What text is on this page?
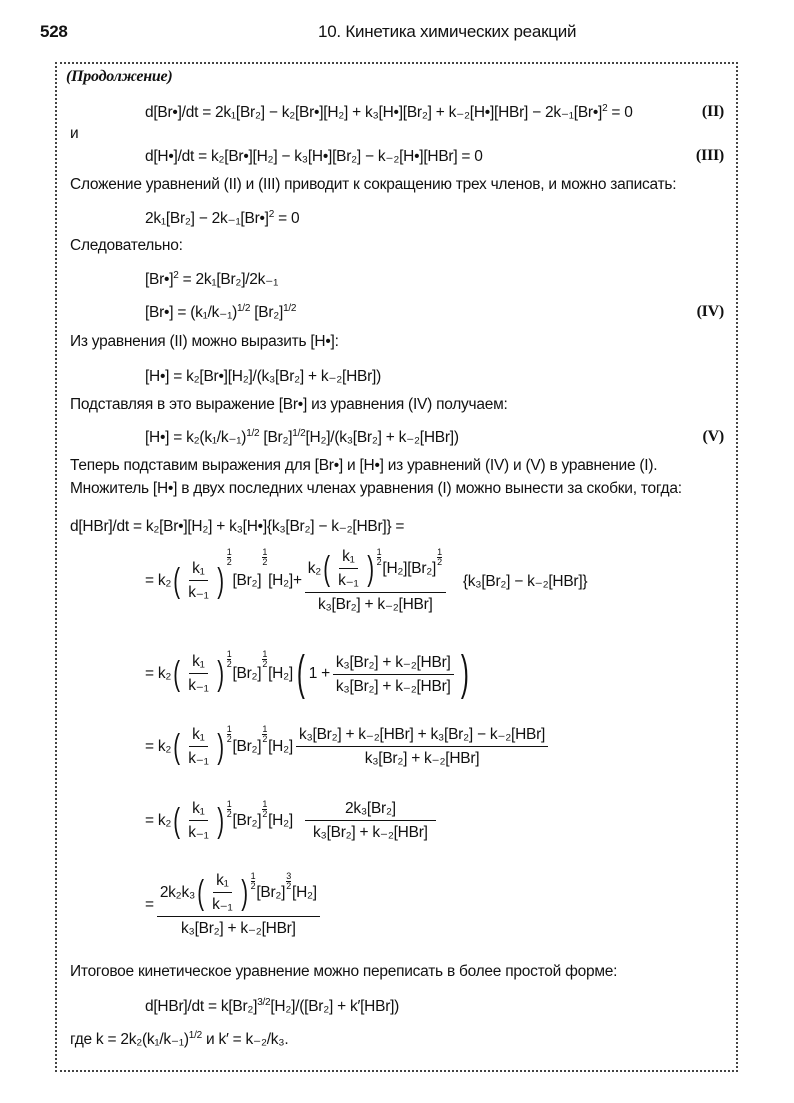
528	10. Кинетика химических реакций
(Продолжение)
d[Br•]/dt = 2k₁[Br₂] − k₂[Br•][H₂] + k₃[H•][Br₂] + k₋₂[H•][HBr] − 2k₋₁[Br•]$^2$ = 0	(II)
и
d[H•]/dt = k₂[Br•][H₂] − k₃[H•][Br₂] − k₋₂[H•][HBr] = 0	(III)
Сложение уравнений (II) и (III) приводит к сокращению трех членов, и можно записать:
2k₁[Br₂] − 2k₋₁[Br•]$^2$ = 0
Следовательно:
[Br•]$^2$ = 2k₁[Br₂]/2k₋₁
[Br•] = $(k_1/k_{-1})^{1/2}$ $[Br_2]^{1/2}$	(IV)
Из уравнения (II) можно выразить [H•]:
[H•] = k₂[Br•][H₂]/(k₃[Br₂] + k₋₂[HBr])
Подставляя в это выражение [Br•] из уравнения (IV) получаем:
[H•] = $k_2(k_1/k_{-1})^{1/2}$ $[Br_2]^{1/2}[H_2]/(k_3[Br_2] + k_{-2}[HBr])$	(V)
Теперь подставим выражения для [Br•] и [H•] из уравнений (IV) и (V) в уравнение (I).
Множитель [H•] в двух последних членах уравнения (I) можно вынести за скобки, тогда:
d[HBr]/dt = k₂[Br•][H₂] + k₃[H•]{k₃[Br₂] − k₋₂[HBr]} =
= k₂ ( k₁
k₋₁ )
1
2
[Br₂]
1
2
[H₂] +
k₂ ( k₁
k₋₁ ) 1
2 [H₂][Br₂]
1
2
k₃[Br₂] + k₋₂[HBr]
{k₃[Br₂] − k₋₂[HBr]}
= k₂ ( k₁
k₋₁ )
1
2
[Br₂]
1
2
[H₂] ( 1 +
k₃[Br₂] + k₋₂[HBr]
k₃[Br₂] + k₋₂[HBr] )
= k₂ ( k₁
k₋₁ ) 1
2 [Br₂]
1
2 [H₂]
k₃[Br₂] + k₋₂[HBr] + k₃[Br₂] − k₋₂[HBr]
k₃[Br₂] + k₋₂[HBr]
= k₂ ( k₁
k₋₁ ) 1
2 [Br₂]
1
2 [H₂]
2k₃[Br₂]
k₃[Br₂] + k₋₂[HBr]
=
2k₂k₃ ( k₁
k₋₁ ) 1
2 [Br₂]
3
2 [H₂]
k₃[Br₂] + k₋₂[HBr]
Итоговое кинетическое уравнение можно переписать в более простой форме:
$d[HBr]/dt = k[Br_2]^{3/2}[H_2]/([Br_2] + k'[HBr])$
где $k = 2k_2(k_1/k_{-1})^{1/2}$ и k′ = k₋₂/k₃.
